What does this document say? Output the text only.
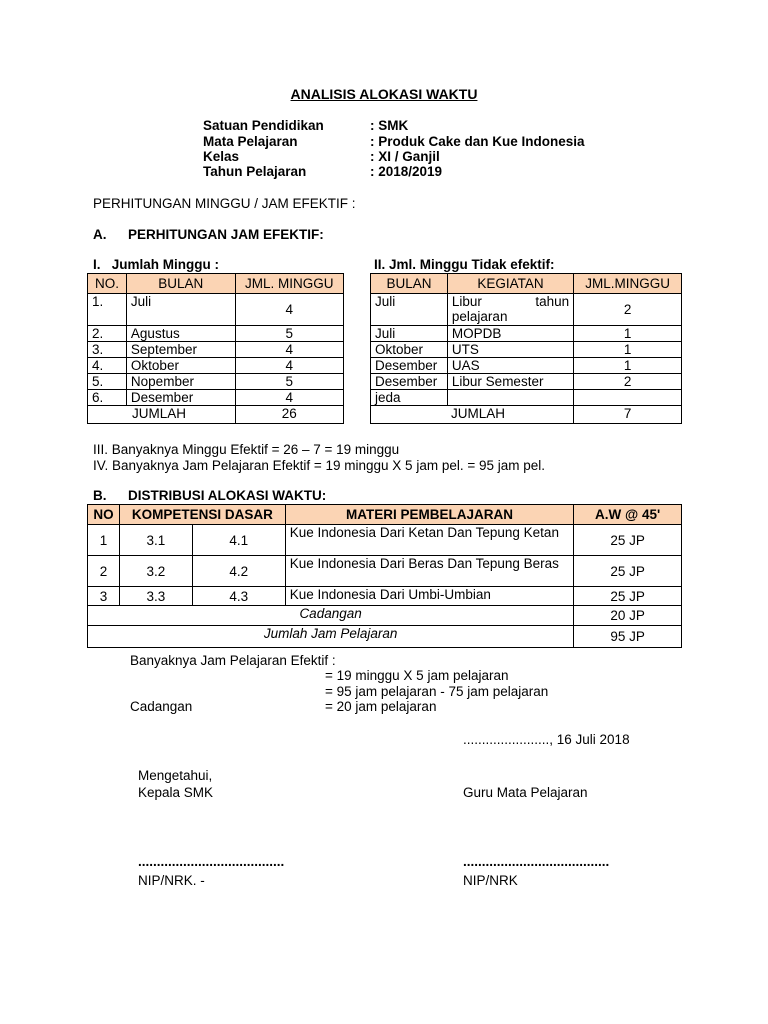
ANALISIS ALOKASI WAKTU
Satuan Pendidikan	: SMK
Mata Pelajaran	: Produk Cake dan Kue Indonesia
Kelas	: XI / Ganjil
Tahun Pelajaran	: 2018/2019
PERHITUNGAN MINGGU / JAM EFEKTIF :
A. PERHITUNGAN JAM EFEKTIF:
I.   Jumlah Minggu :	II. Jml. Minggu Tidak efektif:
NO.	BULAN	JML. MINGGU
1.	Juli	4
2.	Agustus	5
3.	September	4
4.	Oktober	4
5.	Nopember	5
6.	Desember	4
JUMLAH		26
BULAN	KEGIATAN	JML.MINGGU
Juli	Libur tahun pelajaran	2
Juli	MOPDB	1
Oktober	UTS	1
Desember	UAS	1
Desember	Libur Semester	2
jeda		
JUMLAH		7
III. Banyaknya Minggu Efektif = 26 – 7 = 19 minggu
IV. Banyaknya Jam Pelajaran Efektif = 19 minggu X 5 jam pel. = 95 jam pel.
B. DISTRIBUSI ALOKASI WAKTU:
NO	KOMPETENSI DASAR		MATERI PEMBELAJARAN	A.W @ 45'
1	3.1	4.1	Kue Indonesia Dari Ketan Dan Tepung Ketan	25 JP
2	3.2	4.2	Kue Indonesia Dari Beras Dan Tepung Beras	25 JP
3	3.3	4.3	Kue Indonesia Dari Umbi-Umbian	25 JP
Cadangan				20 JP
Jumlah Jam Pelajaran				95 JP
Banyaknya Jam Pelajaran Efektif :
= 19 minggu X 5 jam pelajaran
= 95 jam pelajaran - 75 jam pelajaran
Cadangan	= 20 jam pelajaran
......................., 16 Juli 2018
Mengetahui,
Kepala SMK	Guru Mata Pelajaran
.......................................	.......................................
NIP/NRK. -	NIP/NRK
